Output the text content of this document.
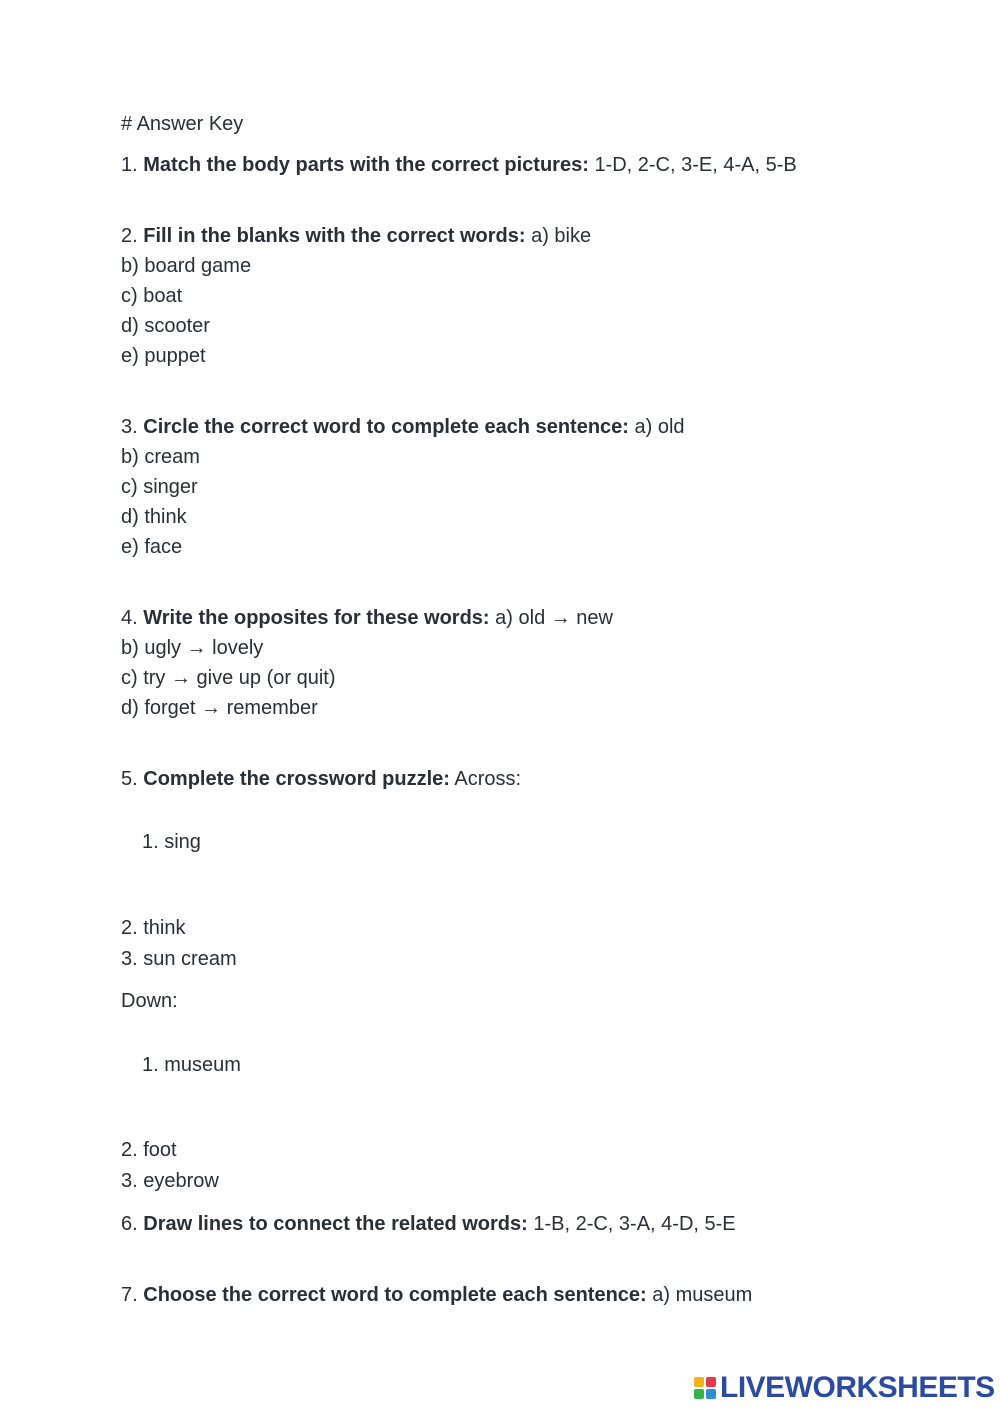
# Answer Key
1. Match the body parts with the correct pictures: 1-D, 2-C, 3-E, 4-A, 5-B
2. Fill in the blanks with the correct words: a) bike
b) board game
c) boat
d) scooter
e) puppet
3. Circle the correct word to complete each sentence: a) old
b) cream
c) singer
d) think
e) face
4. Write the opposites for these words: a) old → new
b) ugly → lovely
c) try → give up (or quit)
d) forget → remember
5. Complete the crossword puzzle: Across:
1. sing
2. think
3. sun cream
Down:
1. museum
2. foot
3. eyebrow
6. Draw lines to connect the related words: 1-B, 2-C, 3-A, 4-D, 5-E
7. Choose the correct word to complete each sentence: a) museum
LIVEWORKSHEETS
